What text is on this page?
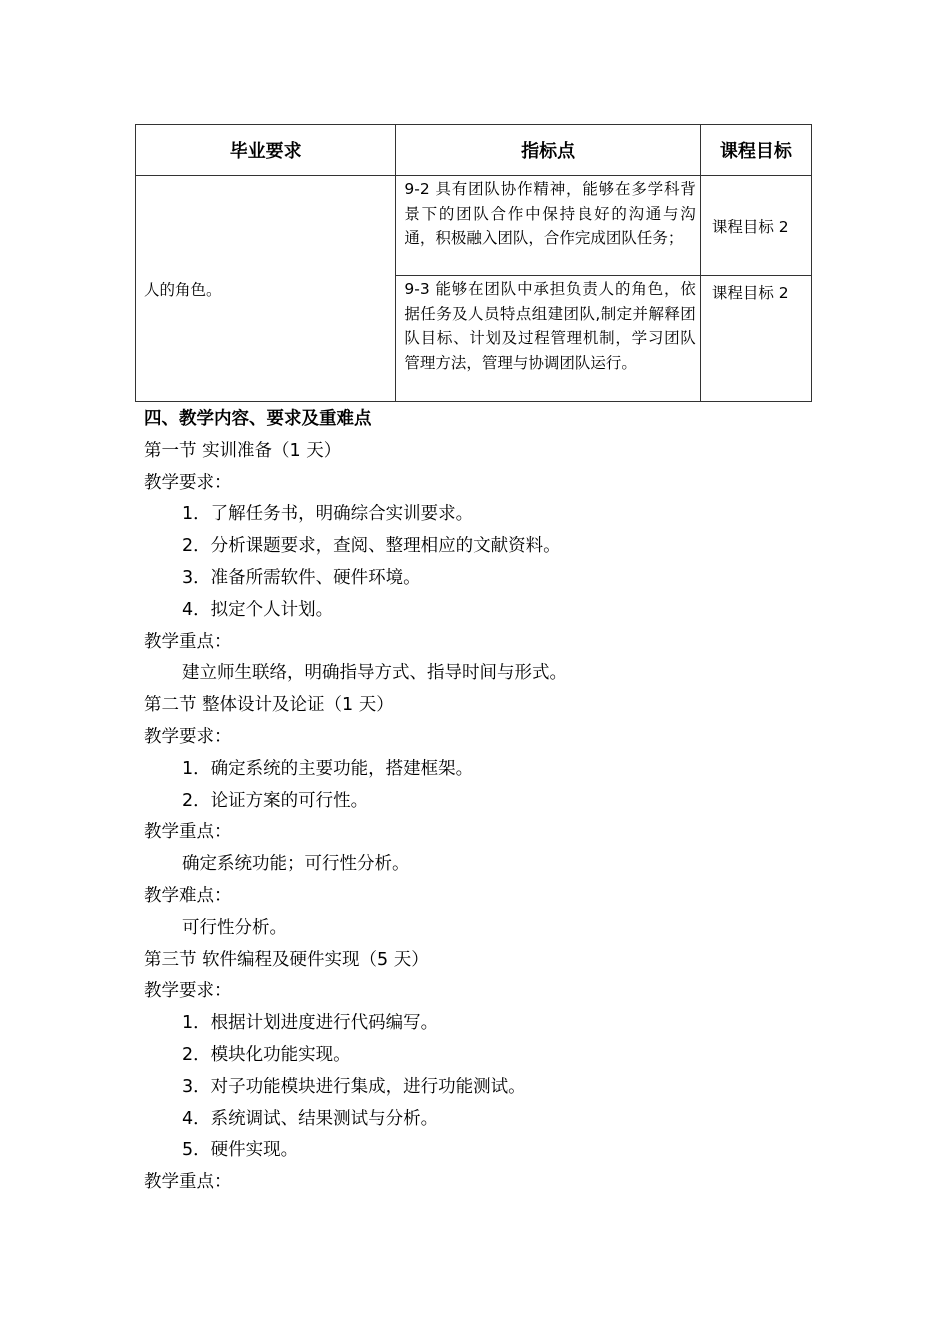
毕业要求	指标点	课程目标
人的角色。	9-2 具有团队协作精神，能够在多学科背景下的团队合作中保持良好的沟通与沟通，积极融入团队，合作完成团队任务；	课程目标 2
	9-3 能够在团队中承担负责人的角色，依据任务及人员特点组建团队,制定并解释团队目标、计划及过程管理机制，学习团队管理方法，管理与协调团队运行。	课程目标 2
四、教学内容、要求及重难点
第一节 实训准备（1 天）
教学要求：
1．了解任务书，明确综合实训要求。
2．分析课题要求，查阅、整理相应的文献资料。
3．准备所需软件、硬件环境。
4．拟定个人计划。
教学重点：
建立师生联络，明确指导方式、指导时间与形式。
第二节 整体设计及论证（1 天）
教学要求：
1．确定系统的主要功能，搭建框架。
2．论证方案的可行性。
教学重点：
确定系统功能；可行性分析。
教学难点：
可行性分析。
第三节 软件编程及硬件实现（5 天）
教学要求：
1．根据计划进度进行代码编写。
2．模块化功能实现。
3．对子功能模块进行集成，进行功能测试。
4．系统调试、结果测试与分析。
5．硬件实现。
教学重点：
